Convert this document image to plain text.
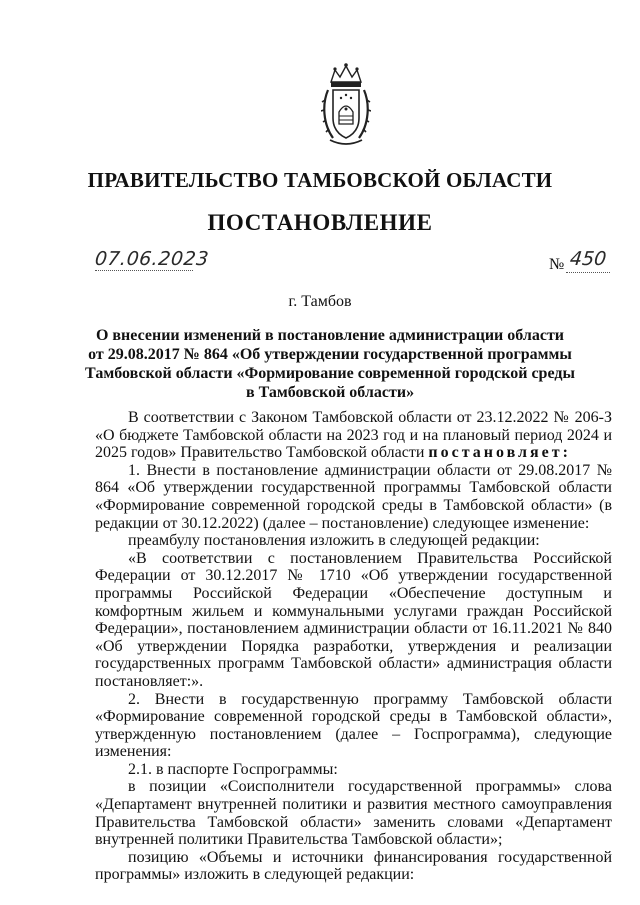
ПРАВИТЕЛЬСТВО ТАМБОВСКОЙ ОБЛАСТИ
ПОСТАНОВЛЕНИЕ
07.06.2023	№ 450
г. Тамбов
О внесении изменений в постановление администрации области
от 29.08.2017 № 864 «Об утверждении государственной программы
Тамбовской области «Формирование современной городской среды
в Тамбовской области»

В соответствии с Законом Тамбовской области от 23.12.2022 № 206-З «О бюджете Тамбовской области на 2023 год и на плановый период 2024 и 2025 годов» Правительство Тамбовской области постановляет:

1. Внести в постановление администрации области от 29.08.2017 № 864 «Об утверждении государственной программы Тамбовской области «Формирование современной городской среды в Тамбовской области» (в редакции от 30.12.2022) (далее – постановление) следующее изменение:

преамбулу постановления изложить в следующей редакции:

«В соответствии с постановлением Правительства Российской Федерации от 30.12.2017 № 1710 «Об утверждении государственной программы Российской Федерации «Обеспечение доступным и комфортным жильем и коммунальными услугами граждан Российской Федерации», постановлением администрации области от 16.11.2021 № 840 «Об утверждении Порядка разработки, утверждения и реализации государственных программ Тамбовской области» администрация области постановляет:».

2. Внести в государственную программу Тамбовской области «Формирование современной городской среды в Тамбовской области», утвержденную постановлением (далее – Госпрограмма), следующие изменения:

2.1. в паспорте Госпрограммы:

в позиции «Соисполнители государственной программы» слова «Департамент внутренней политики и развития местного самоуправления Правительства Тамбовской области» заменить словами «Департамент внутренней политики Правительства Тамбовской области»;

позицию «Объемы и источники финансирования государственной программы» изложить в следующей редакции:
